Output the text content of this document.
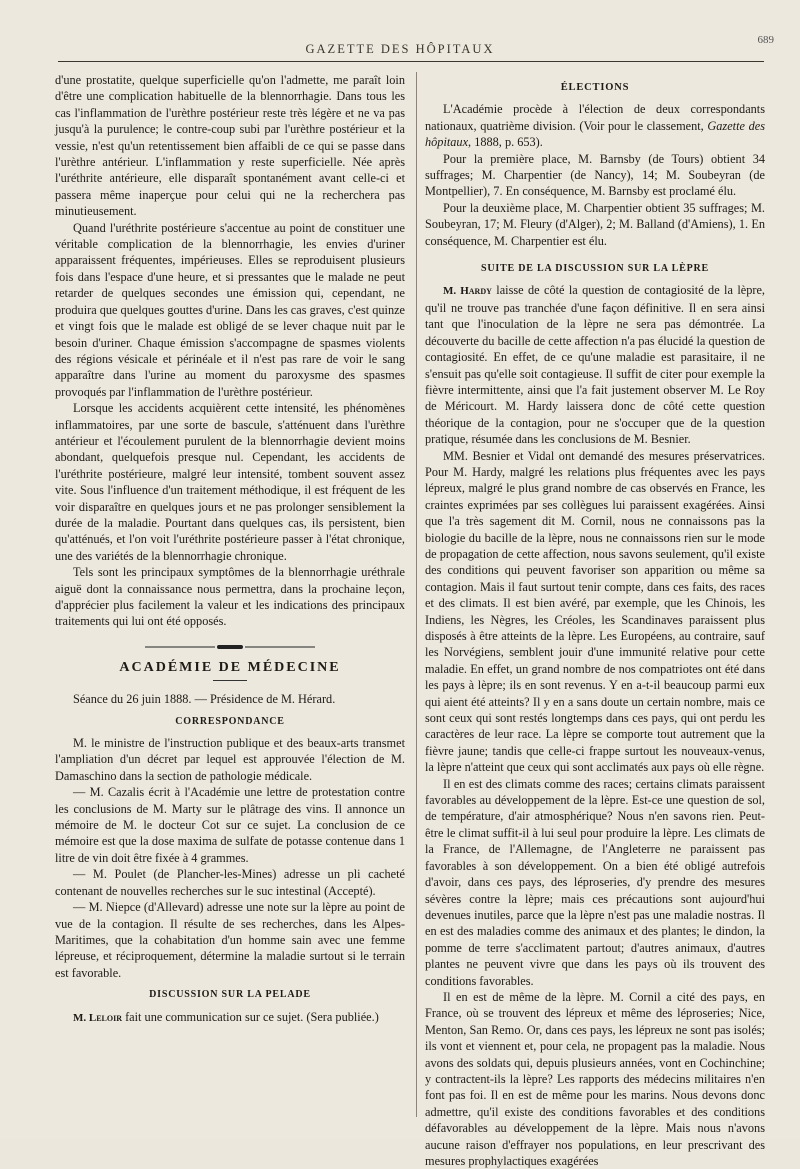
GAZETTE DES HÔPITAUX
689

d'une prostatite, quelque superficielle qu'on l'admette, me paraît loin d'être une complication habituelle de la blennorrhagie. Dans tous les cas l'inflammation de l'urèthre postérieur reste très légère et ne va pas jusqu'à la purulence; le contre-coup subi par l'urèthre postérieur et la vessie, n'est qu'un retentissement bien affaibli de ce qui se passe dans l'urèthre antérieur. L'inflammation y reste superficielle. Née après l'uréthrite antérieure, elle disparaît spontanément avant celle-ci et passera même inaperçue pour celui qui ne la recherchera pas minutieusement.

Quand l'uréthrite postérieure s'accentue au point de constituer une véritable complication de la blennorrhagie, les envies d'uriner apparaissent fréquentes, impérieuses. Elles se reproduisent plusieurs fois dans l'espace d'une heure, et si pressantes que le malade ne peut retarder de quelques secondes une émission qui, cependant, ne produira que quelques gouttes d'urine. Dans les cas graves, c'est quinze et vingt fois que le malade est obligé de se lever chaque nuit par le besoin d'uriner. Chaque émission s'accompagne de spasmes violents des régions vésicale et périnéale et il n'est pas rare de voir le sang apparaître dans l'urine au moment du paroxysme des spasmes provoqués par l'inflammation de l'urèthre postérieur.

Lorsque les accidents acquièrent cette intensité, les phénomènes inflammatoires, par une sorte de bascule, s'atténuent dans l'urèthre antérieur et l'écoulement purulent de la blennorrhagie devient moins abondant, quelquefois presque nul. Cependant, les accidents de l'uréthrite postérieure, malgré leur intensité, tombent souvent assez vite. Sous l'influence d'un traitement méthodique, il est fréquent de les voir disparaître en quelques jours et ne pas prolonger sensiblement la durée de la maladie. Pourtant dans quelques cas, ils persistent, bien qu'atténués, et l'on voit l'uréthrite postérieure passer à l'état chronique, une des variétés de la blennorrhagie chronique.

Tels sont les principaux symptômes de la blennorrhagie uréthrale aiguë dont la connaissance nous permettra, dans la prochaine leçon, d'apprécier plus facilement la valeur et les indications des principaux traitements qui lui ont été opposés.

ACADÉMIE DE MÉDECINE

Séance du 26 juin 1888. — Présidence de M. Hérard.

CORRESPONDANCE

M. le ministre de l'instruction publique et des beaux-arts transmet l'ampliation d'un décret par lequel est approuvée l'élection de M. Damaschino dans la section de pathologie médicale.

— M. Cazalis écrit à l'Académie une lettre de protestation contre les conclusions de M. Marty sur le plâtrage des vins. Il annonce un mémoire de M. le docteur Cot sur ce sujet. La conclusion de ce mémoire est que la dose maxima de sulfate de potasse contenue dans 1 litre de vin doit être fixée à 4 grammes.

— M. Poulet (de Plancher-les-Mines) adresse un pli cacheté contenant de nouvelles recherches sur le suc intestinal (Accepté).

— M. Niepce (d'Allevard) adresse une note sur la lèpre au point de vue de la contagion. Il résulte de ses recherches, dans les Alpes-Maritimes, que la cohabitation d'un homme sain avec une femme lépreuse, et réciproquement, détermine la maladie surtout si le terrain est favorable.

DISCUSSION SUR LA PELADE

M. Leloir fait une communication sur ce sujet. (Sera publiée.)

ÉLECTIONS

L'Académie procède à l'élection de deux correspondants nationaux, quatrième division. (Voir pour le classement, Gazette des hôpitaux, 1888, p. 653).

Pour la première place, M. Barnsby (de Tours) obtient 34 suffrages; M. Charpentier (de Nancy), 14; M. Soubeyran (de Montpellier), 7. En conséquence, M. Barnsby est proclamé élu.

Pour la deuxième place, M. Charpentier obtient 35 suffrages; M. Soubeyran, 17; M. Fleury (d'Alger), 2; M. Balland (d'Amiens), 1. En conséquence, M. Charpentier est élu.

SUITE DE LA DISCUSSION SUR LA LÈPRE

M. Hardy laisse de côté la question de contagiosité de la lèpre, qu'il ne trouve pas tranchée d'une façon définitive. Il en sera ainsi tant que l'inoculation de la lèpre ne sera pas démontrée. La découverte du bacille de cette affection n'a pas élucidé la question de contagiosité. En effet, de ce qu'une maladie est parasitaire, il ne s'ensuit pas qu'elle soit contagieuse. Il suffit de citer pour exemple la fièvre intermittente, ainsi que l'a fait justement observer M. Le Roy de Méricourt. M. Hardy laissera donc de côté cette question théorique de la contagion, pour ne s'occuper que de la question pratique, résumée dans les conclusions de M. Besnier.

MM. Besnier et Vidal ont demandé des mesures préservatrices. Pour M. Hardy, malgré les relations plus fréquentes avec les pays lépreux, malgré le plus grand nombre de cas observés en France, les craintes exprimées par ses collègues lui paraissent exagérées. Ainsi que l'a très sagement dit M. Cornil, nous ne connaissons pas la biologie du bacille de la lèpre, nous ne connaissons rien sur le mode de propagation de cette affection, nous savons seulement, qu'il existe des conditions qui peuvent favoriser son apparition ou même sa contagion. Mais il faut surtout tenir compte, dans ces faits, des races et des climats. Il est bien avéré, par exemple, que les Chinois, les Indiens, les Nègres, les Créoles, les Scandinaves paraissent plus disposés à être atteints de la lèpre. Les Européens, au contraire, sauf les Norvégiens, semblent jouir d'une immunité relative pour cette maladie. En effet, un grand nombre de nos compatriotes ont été dans les pays à lèpre; ils en sont revenus. Y en a-t-il beaucoup parmi eux qui aient été atteints? Il y en a sans doute un certain nombre, mais ce sont ceux qui sont restés longtemps dans ces pays, qui ont perdu les caractères de leur race. La lèpre se comporte tout autrement que la fièvre jaune; tandis que celle-ci frappe surtout les nouveaux-venus, la lèpre n'atteint que ceux qui sont acclimatés aux pays où elle règne.

Il en est des climats comme des races; certains climats paraissent favorables au développement de la lèpre. Est-ce une question de sol, de température, d'air atmosphérique? Nous n'en savons rien. Peut-être le climat suffit-il à lui seul pour produire la lèpre. Les climats de la France, de l'Allemagne, de l'Angleterre ne paraissent pas favorables à son développement. On a bien été obligé autrefois d'avoir, dans ces pays, des léproseries, d'y prendre des mesures sévères contre la lèpre; mais ces précautions sont aujourd'hui devenues inutiles, parce que la lèpre n'est pas une maladie nostras. Il en est des maladies comme des animaux et des plantes; le dindon, la pomme de terre s'acclimatent partout; d'autres animaux, d'autres plantes ne peuvent vivre que dans les pays où ils trouvent des conditions favorables.

Il en est de même de la lèpre. M. Cornil a cité des pays, en France, où se trouvent des lépreux et même des léproseries; Nice, Menton, San Remo. Or, dans ces pays, les lépreux ne sont pas isolés; ils vont et viennent et, pour cela, ne propagent pas la maladie. Nous avons des soldats qui, depuis plusieurs années, vont en Cochinchine; y contractent-ils la lèpre? Les rapports des médecins militaires n'en font pas foi. Il en est de même pour les marins. Nous devons donc admettre, qu'il existe des conditions favorables et des conditions défavorables au développement de la lèpre. Mais nous n'avons aucune raison d'effrayer nos populations, en leur prescrivant des mesures prophylactiques exagérées
